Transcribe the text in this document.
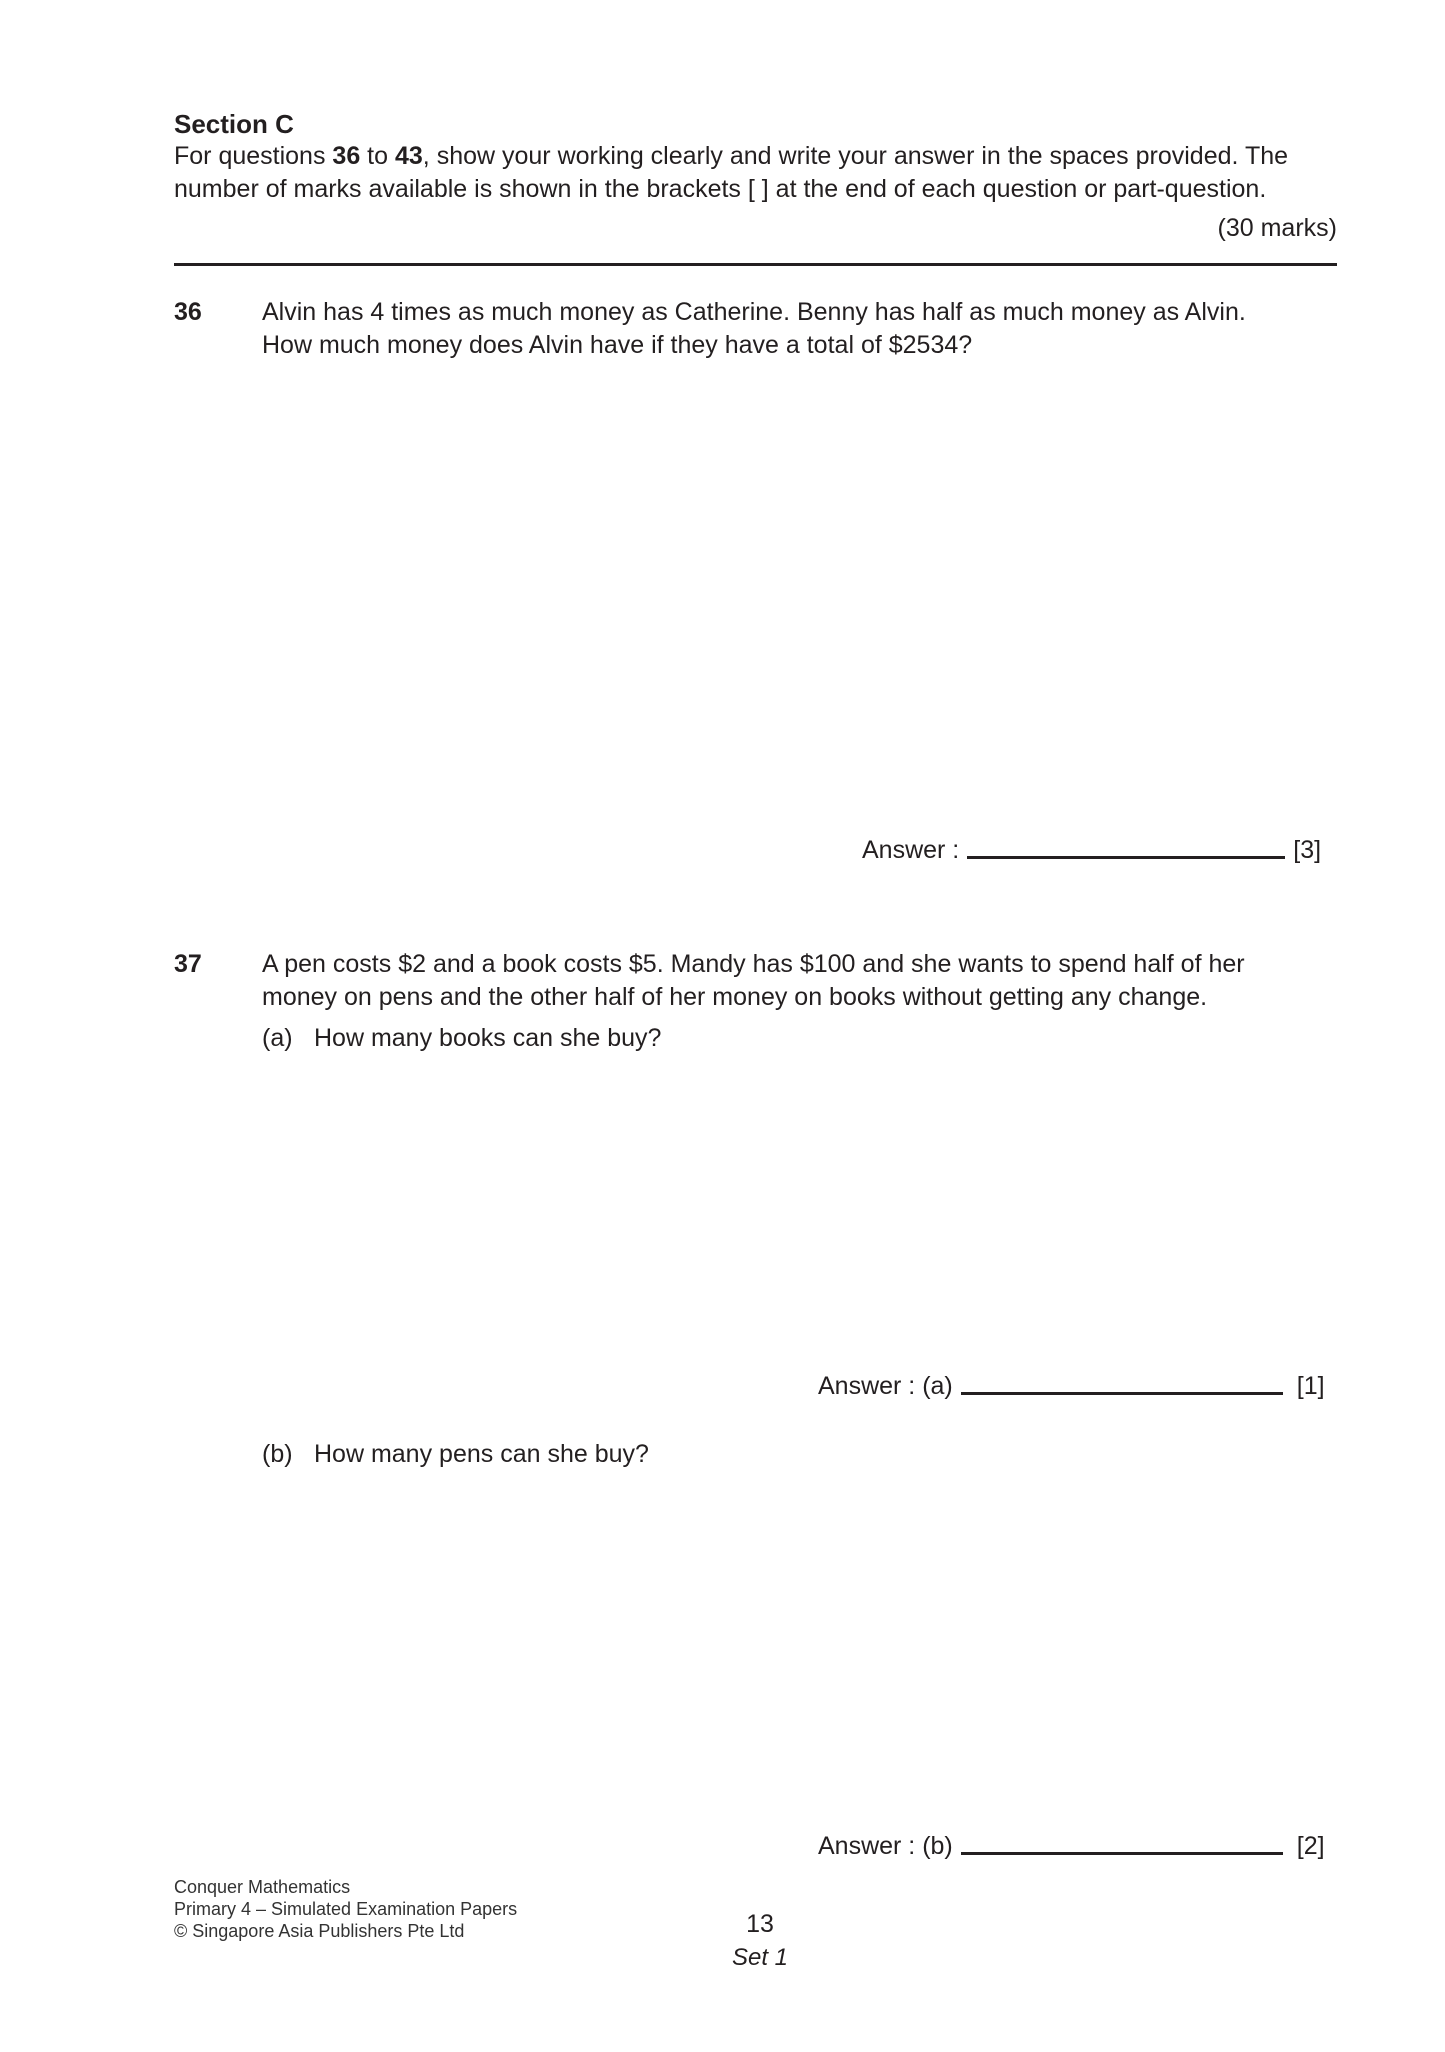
Section C
For questions 36 to 43, show your working clearly and write your answer in the spaces provided. The
number of marks available is shown in the brackets [ ] at the end of each question or part-question.
(30 marks)
36 Alvin has 4 times as much money as Catherine. Benny has half as much money as Alvin.
How much money does Alvin have if they have a total of $2534?
Answer :	[3]
37 A pen costs $2 and a book costs $5. Mandy has $100 and she wants to spend half of her
money on pens and the other half of her money on books without getting any change.
(a) How many books can she buy?
Answer : (a)	[1]
(b) How many pens can she buy?
Answer : (b)	[2]
Conquer Mathematics
Primary 4 – Simulated Examination Papers
© Singapore Asia Publishers Pte Ltd	13
Set 1
